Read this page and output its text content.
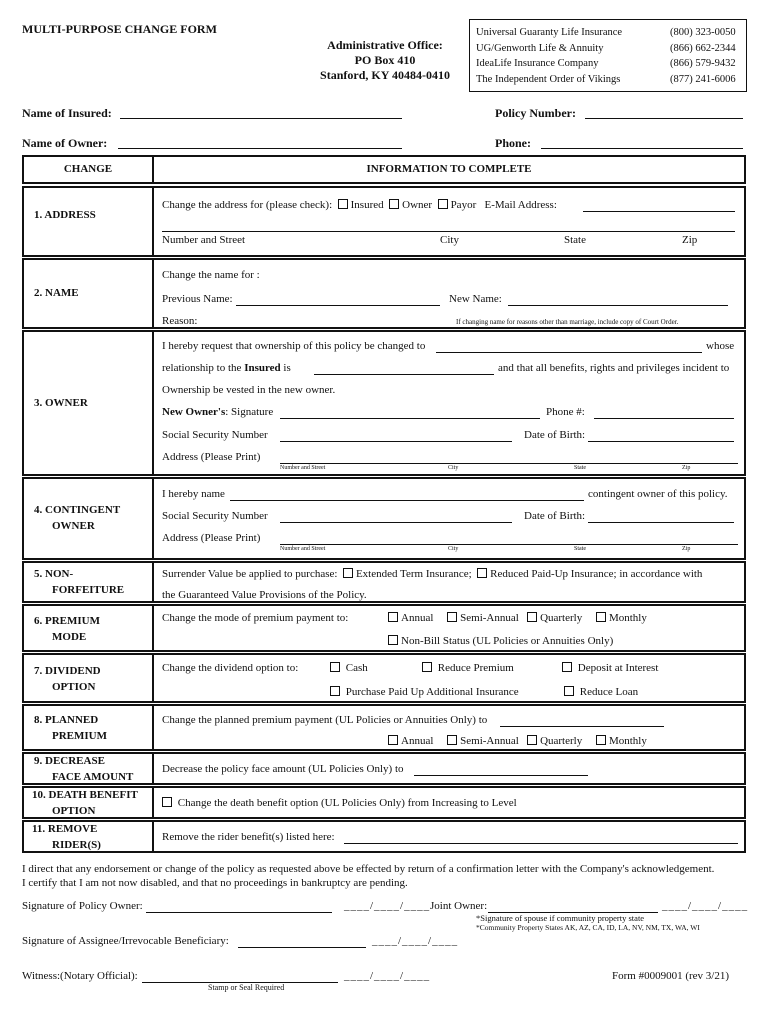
MULTI-PURPOSE CHANGE FORM
Administrative Office:
PO Box 410
Stanford, KY 40484-0410
Universal Guaranty Life Insurance	(800) 323-0050
UG/Genworth Life & Annuity	(866) 662-2344
IdeaLife Insurance Company	(866) 579-9432
The Independent Order of Vikings	(877) 241-6006
Name of Insured:	Policy Number:
Name of Owner:	Phone:
CHANGE	INFORMATION TO COMPLETE
1. ADDRESS
Change the address for (please check): Insured Owner Payor E-Mail Address:
Number and Street	City	State	Zip
2. NAME
Change the name for :
Previous Name:	New Name:
Reason:	If changing name for reasons other than marriage, include copy of Court Order.
3. OWNER
I hereby request that ownership of this policy be changed to	whose
relationship to the Insured is	and that all benefits, rights and privileges incident to
Ownership be vested in the new owner.
New Owner's: Signature	Phone #:
Social Security Number	Date of Birth:
Address (Please Print)
Number and Street	City	State	Zip
4. CONTINGENT
OWNER
I hereby name	contingent owner of this policy.
Social Security Number	Date of Birth:
Address (Please Print)
Number and Street	City	State	Zip
5. NON-
FORFEITURE
Surrender Value be applied to purchase: Extended Term Insurance; Reduced Paid-Up Insurance; in accordance with
the Guaranteed Value Provisions of the Policy.
6. PREMIUM
MODE
Change the mode of premium payment to:	Annual Semi-Annual Quarterly Monthly
Non-Bill Status (UL Policies or Annuities Only)
7. DIVIDEND
OPTION
Change the dividend option to:	Cash	Reduce Premium	Deposit at Interest
Purchase Paid Up Additional Insurance	Reduce Loan
8. PLANNED
PREMIUM
Change the planned premium payment (UL Policies or Annuities Only) to
Annual Semi-Annual Quarterly Monthly
9. DECREASE
FACE AMOUNT
Decrease the policy face amount (UL Policies Only) to
10. DEATH BENEFIT
OPTION
Change the death benefit option (UL Policies Only) from Increasing to Level
11. REMOVE
RIDER(S)
Remove the rider benefit(s) listed here:
I direct that any endorsement or change of the policy as requested above be effected by return of a confirmation letter with the Company's acknowledgement.
I certify that I am not now disabled, and that no proceedings in bankruptcy are pending.
Signature of Policy Owner:	____/____/____ Joint Owner:	____/____/____
*Signature of spouse if community property state
*Community Property States AK, AZ, CA, ID, LA, NV, NM, TX, WA, WI
Signature of Assignee/Irrevocable Beneficiary:	____/____/____
Witness:(Notary Official):	____/____/____
Stamp or Seal Required
Form #0009001 (rev 3/21)
